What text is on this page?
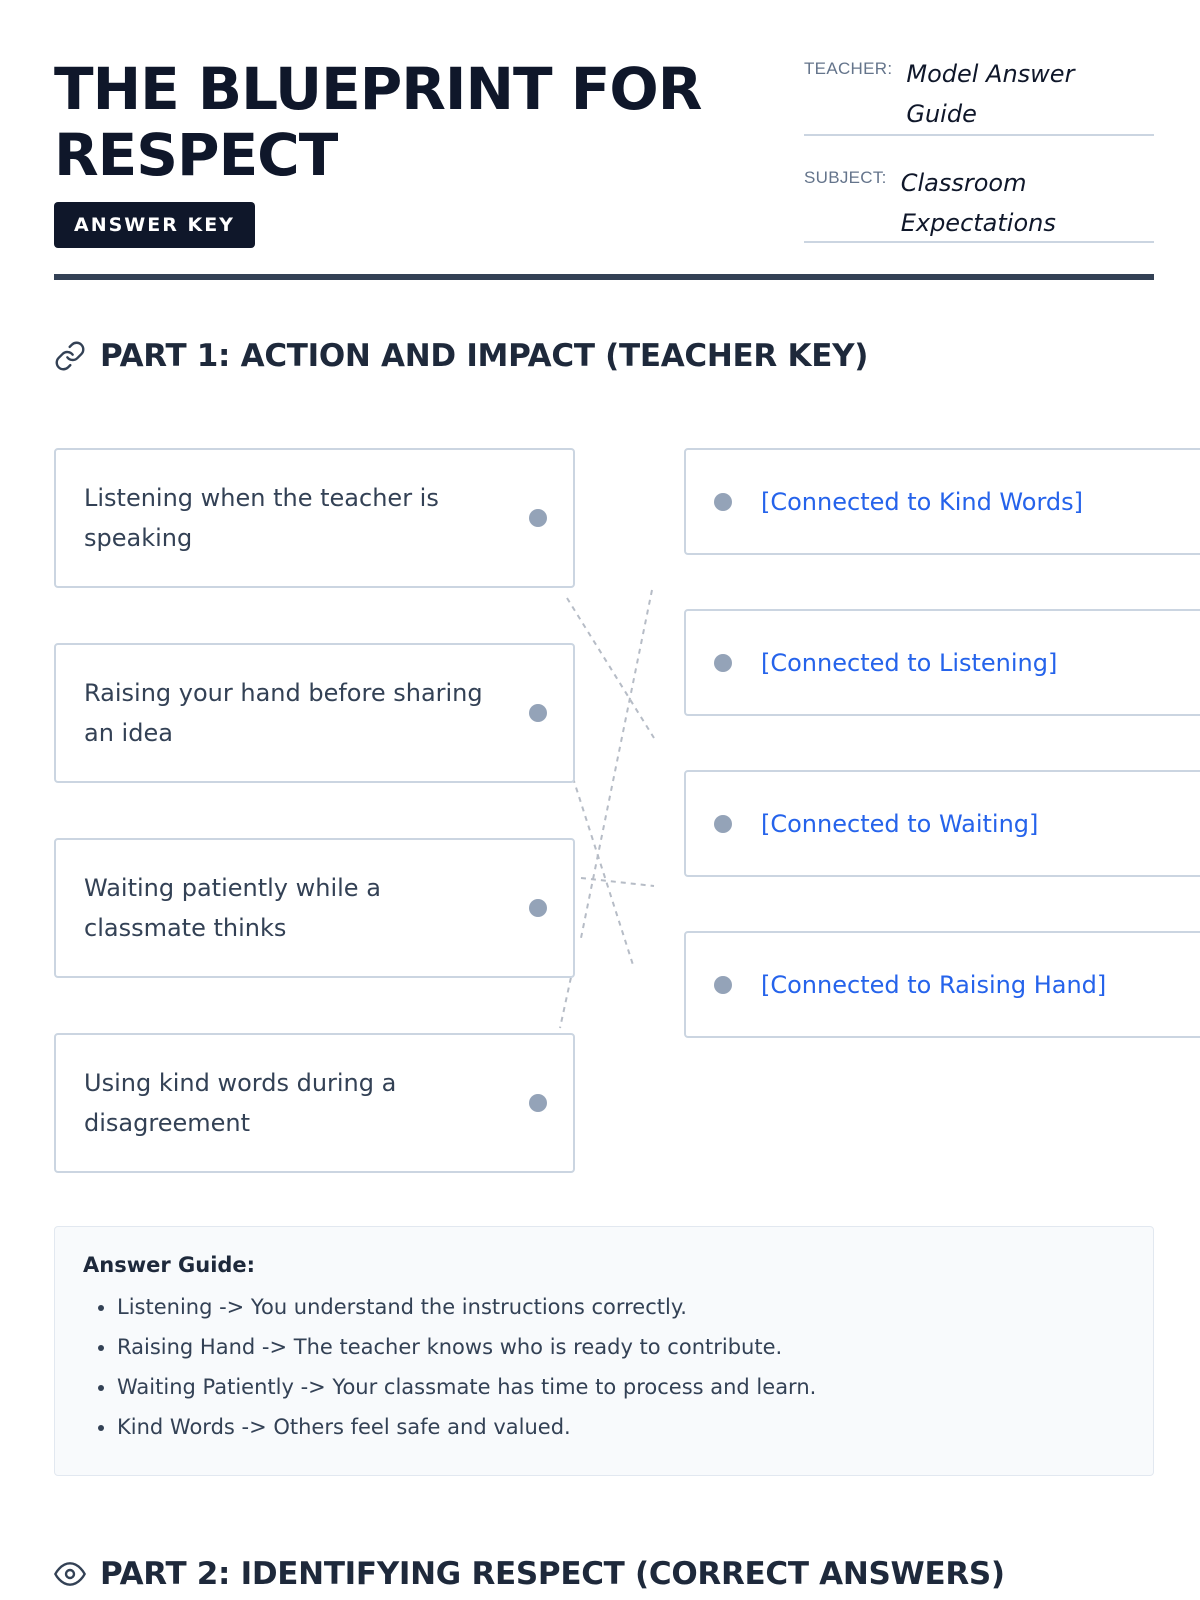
THE BLUEPRINT FOR RESPECT
ANSWER KEY
TEACHER: Model Answer Guide
SUBJECT: Classroom Expectations
PART 1: ACTION AND IMPACT (TEACHER KEY)
Listening when the teacher is speaking
Raising your hand before sharing an idea
Waiting patiently while a classmate thinks
Using kind words during a disagreement
[Connected to Kind Words]
[Connected to Listening]
[Connected to Waiting]
[Connected to Raising Hand]
Answer Guide:
• Listening -> You understand the instructions correctly.
• Raising Hand -> The teacher knows who is ready to contribute.
• Waiting Patiently -> Your classmate has time to process and learn.
• Kind Words -> Others feel safe and valued.
PART 2: IDENTIFYING RESPECT (CORRECT ANSWERS)
